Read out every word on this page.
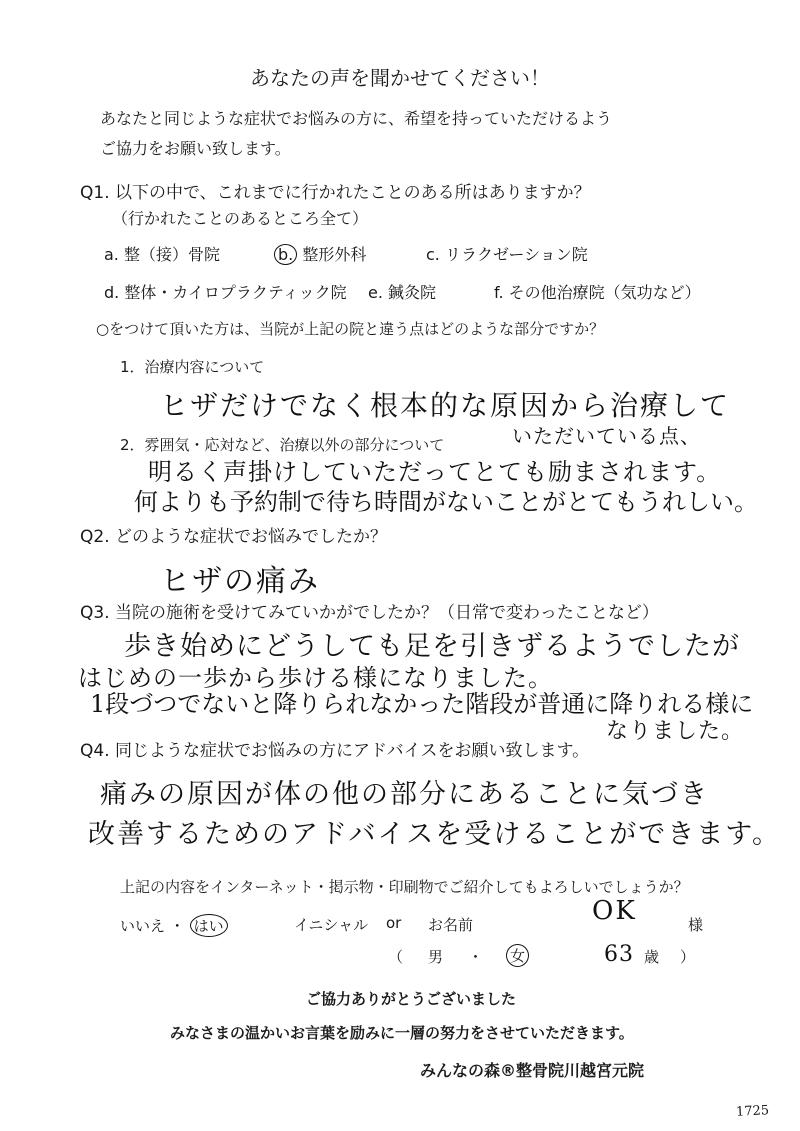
あなたの声を聞かせてください！
あなたと同じような症状でお悩みの方に、希望を持っていただけるよう
ご協力をお願い致します。
Q1. 以下の中で、これまでに行かれたことのある所はありますか？
（行かれたことのあるところ全て）
a. 整（接）骨院	b. 整形外科	c. リラクゼーション院
d. 整体・カイロプラクティック院 e. 鍼灸院	f. その他治療院（気功など）
○をつけて頂いた方は、当院が上記の院と違う点はどのような部分ですか？
1．治療内容について
ヒザだけでなく根本的な原因から治療して
いただいている点、
2．雰囲気・応対など、治療以外の部分について
明るく声掛けしていただってとても励まされます。
何よりも予約制で待ち時間がないことがとてもうれしい。
Q2. どのような症状でお悩みでしたか？
ヒザの痛み
Q3. 当院の施術を受けてみていかがでしたか？（日常で変わったことなど）
歩き始めにどうしても足を引きずるようでしたが
はじめの一歩から歩ける様になりました。
1段づつでないと降りられなかった階段が普通に降りれる様に
なりました。
Q4. 同じような症状でお悩みの方にアドバイスをお願い致します。
痛みの原因が体の他の部分にあることに気づき
改善するためのアドバイスを受けることができます。
上記の内容をインターネット・掲示物・印刷物でご紹介してもよろしいでしょうか？
いいえ ・ はい	イニシャル or お名前	OK	様
（ 男 ・ 女	63 歳 ）
ご協力ありがとうございました
みなさまの温かいお言葉を励みに一層の努力をさせていただきます。
みんなの森®整骨院川越宮元院
1725
